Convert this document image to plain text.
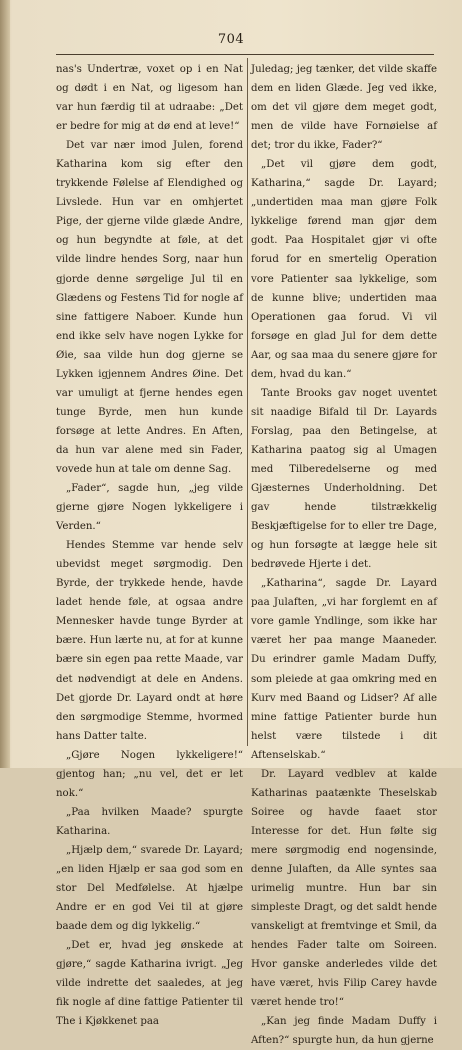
704

nas's Undertræ, voxet op i en Nat og dødt i en Nat, og ligesom han var hun færdig til at udraabe: „Det er bedre for mig at dø end at leve!“

Det var nær imod Julen, forend Katharina kom sig efter den trykkende Følelse af Elendighed og Livslede. Hun var en omhjertet Pige, der gjerne vilde glæde Andre, og hun begyndte at føle, at det vilde lindre hendes Sorg, naar hun gjorde denne sørgelige Jul til en Glædens og Festens Tid for nogle af sine fattigere Naboer. Kunde hun end ikke selv have nogen Lykke for Øie, saa vilde hun dog gjerne se Lykken igjennem Andres Øine. Det var umuligt at fjerne hendes egen tunge Byrde, men hun kunde forsøge at lette Andres. En Aften, da hun var alene med sin Fader, vovede hun at tale om denne Sag.

„Fader“, sagde hun, „jeg vilde gjerne gjøre Nogen lykkeligere i Verden.“

Hendes Stemme var hende selv ubevidst meget sørgmodig. Den Byrde, der trykkede hende, havde ladet hende føle, at ogsaa andre Mennesker havde tunge Byrder at bære. Hun lærte nu, at for at kunne bære sin egen paa rette Maade, var det nødvendigt at dele en Andens. Det gjorde Dr. Layard ondt at høre den sørgmodige Stemme, hvormed hans Datter talte.

„Gjøre Nogen lykkeligere!“ gjentog han; „nu vel, det er let nok.“

„Paa hvilken Maade? spurgte Katharina.

„Hjælp dem,“ svarede Dr. Layard; „en liden Hjælp er saa god som en stor Del Medfølelse. At hjælpe Andre er en god Vei til at gjøre baade dem og dig lykkelig.“

„Det er, hvad jeg ønskede at gjøre,“ sagde Katharina ivrigt. „Jeg vilde indrette det saaledes, at jeg fik nogle af dine fattige Patienter til The i Kjøkkenet paa

Juledag; jeg tænker, det vilde skaffe dem en liden Glæde. Jeg ved ikke, om det vil gjøre dem meget godt, men de vilde have Fornøielse af det; tror du ikke, Fader?“

„Det vil gjøre dem godt, Katharina,“ sagde Dr. Layard; „undertiden maa man gjøre Folk lykkelige førend man gjør dem godt. Paa Hospitalet gjør vi ofte forud for en smertelig Operation vore Patienter saa lykkelige, som de kunne blive; undertiden maa Operationen gaa forud. Vi vil forsøge en glad Jul for dem dette Aar, og saa maa du senere gjøre for dem, hvad du kan.“

Tante Brooks gav noget uventet sit naadige Bifald til Dr. Layards Forslag, paa den Betingelse, at Katharina paatog sig al Umagen med Tilberedelserne og med Gjæsternes Underholdning. Det gav hende tilstrækkelig Beskjæftigelse for to eller tre Dage, og hun forsøgte at lægge hele sit bedrøvede Hjerte i det.

„Katharina“, sagde Dr. Layard paa Julaften, „vi har forglemt en af vore gamle Yndlinge, som ikke har været her paa mange Maaneder. Du erindrer gamle Madam Duffy, som pleiede at gaa omkring med en Kurv med Baand og Lidser? Af alle mine fattige Patienter burde hun helst være tilstede i dit Aftenselskab.“

Dr. Layard vedblev at kalde Katharinas paatænkte Theselskab Soiree og havde faaet stor Interesse for det. Hun følte sig mere sørgmodig end nogensinde, denne Julaften, da Alle syntes saa urimelig muntre. Hun bar sin simpleste Dragt, og det saldt hende vanskeligt at fremtvinge et Smil, da hendes Fader talte om Soireen. Hvor ganske anderledes vilde det have været, hvis Filip Carey havde været hende tro!“

„Kan jeg finde Madam Duffy i Aften?“ spurgte hun, da hun gjerne
